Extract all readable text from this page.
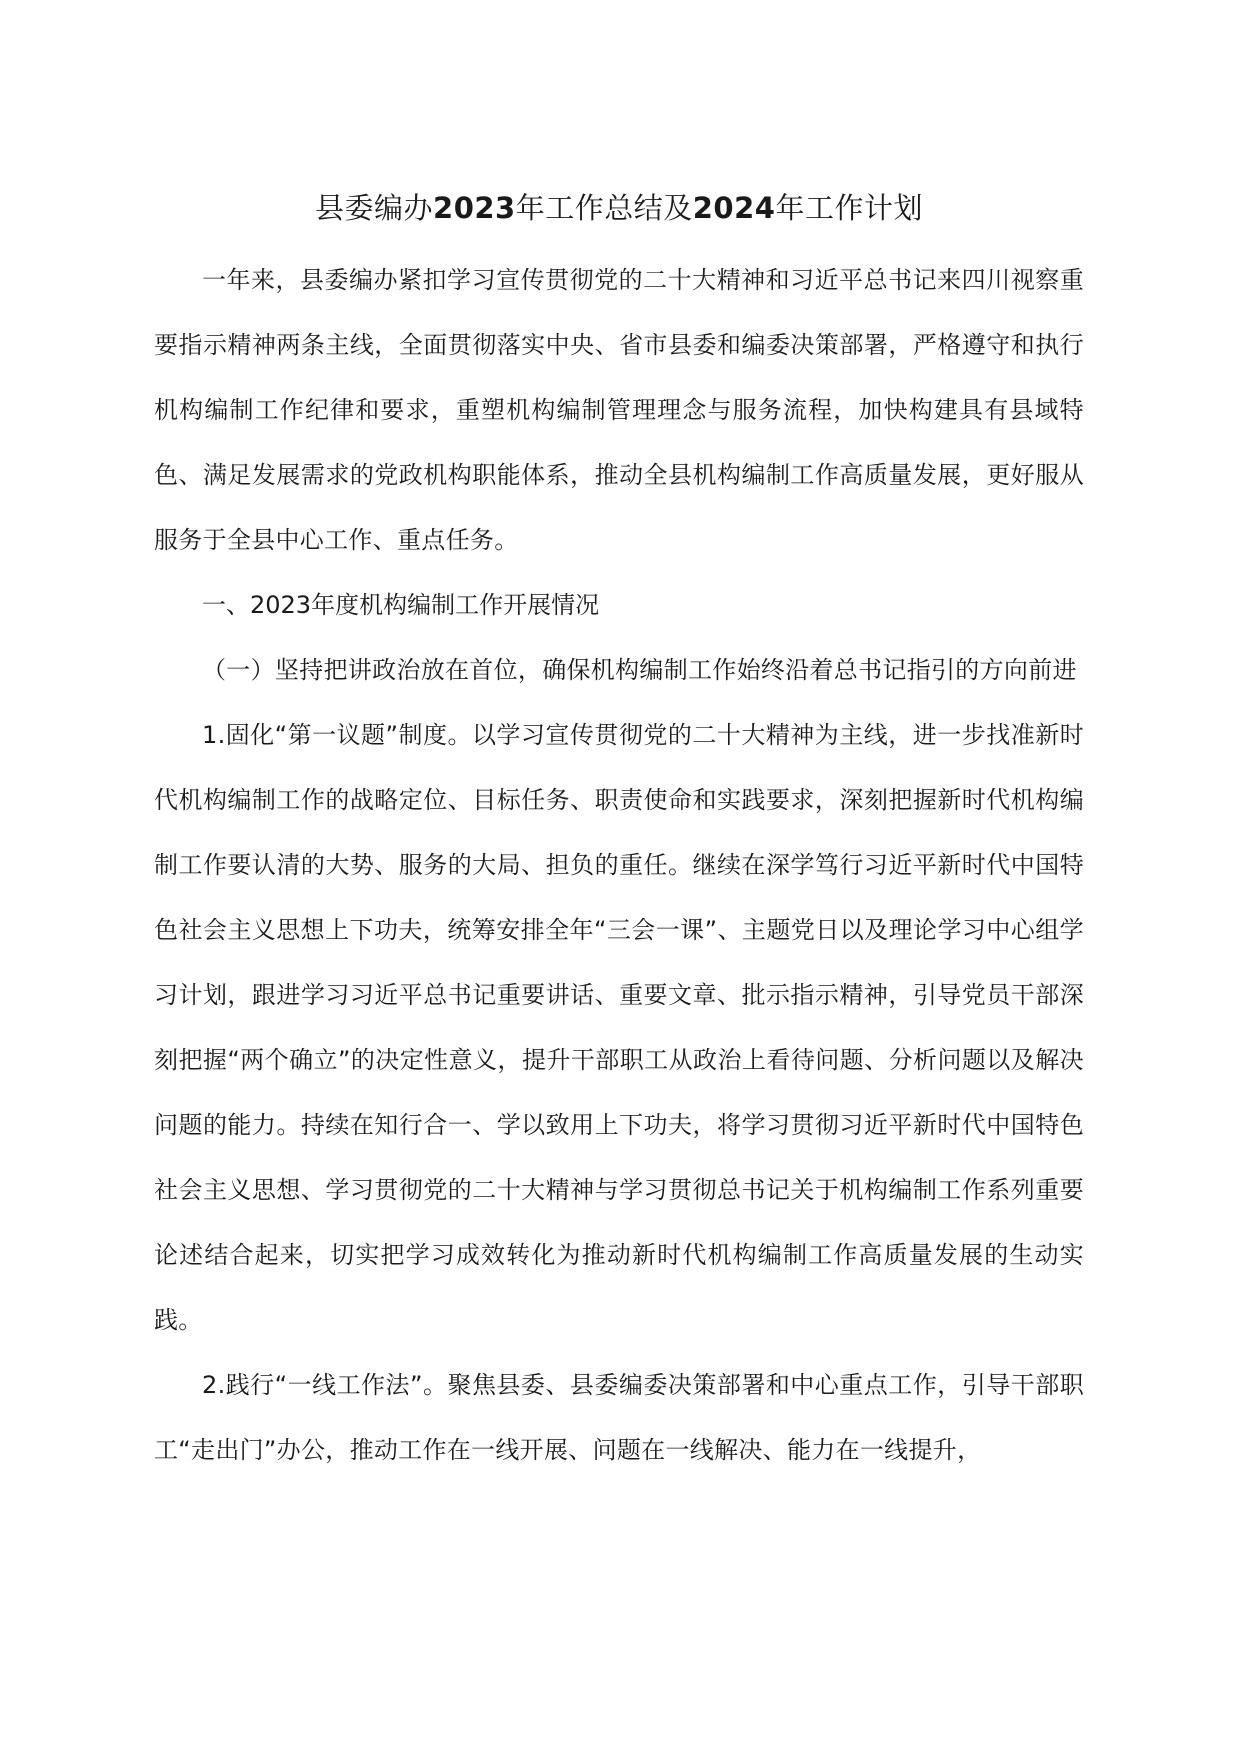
县委编办2023年工作总结及2024年工作计划

一年来，县委编办紧扣学习宣传贯彻党的二十大精神和习近平总书记来四川视察重要指示精神两条主线，全面贯彻落实中央、省市县委和编委决策部署，严格遵守和执行机构编制工作纪律和要求，重塑机构编制管理理念与服务流程，加快构建具有县域特色、满足发展需求的党政机构职能体系，推动全县机构编制工作高质量发展，更好服从服务于全县中心工作、重点任务。

一、2023年度机构编制工作开展情况

（一）坚持把讲政治放在首位，确保机构编制工作始终沿着总书记指引的方向前进

1.固化“第一议题”制度。以学习宣传贯彻党的二十大精神为主线，进一步找准新时代机构编制工作的战略定位、目标任务、职责使命和实践要求，深刻把握新时代机构编制工作要认清的大势、服务的大局、担负的重任。继续在深学笃行习近平新时代中国特色社会主义思想上下功夫，统筹安排全年“三会一课”、主题党日以及理论学习中心组学习计划，跟进学习习近平总书记重要讲话、重要文章、批示指示精神，引导党员干部深刻把握“两个确立”的决定性意义，提升干部职工从政治上看待问题、分析问题以及解决问题的能力。持续在知行合一、学以致用上下功夫，将学习贯彻习近平新时代中国特色社会主义思想、学习贯彻党的二十大精神与学习贯彻总书记关于机构编制工作系列重要论述结合起来，切实把学习成效转化为推动新时代机构编制工作高质量发展的生动实践。

2.践行“一线工作法”。聚焦县委、县委编委决策部署和中心重点工作，引导干部职工“走出门”办公，推动工作在一线开展、问题在一线解决、能力在一线提升，
